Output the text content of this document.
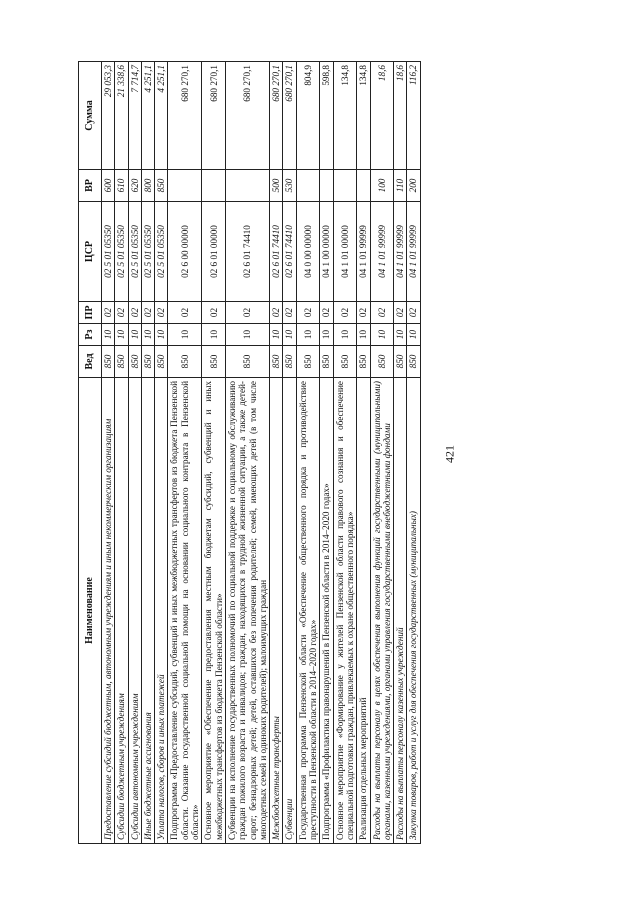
421
Наименование	Вед	Рз	ПР	ЦСР	ВР	Сумма
Предоставление субсидий бюджетным, автономным учреждениям и иным некоммерческим организациям	850	10	02	02 5 01 05350	600	29 053,3
Субсидии бюджетным учреждениям	850	10	02	02 5 01 05350	610	21 338,6
Субсидии автономным учреждениям	850	10	02	02 5 01 05350	620	7 714,7
Иные бюджетные ассигнования	850	10	02	02 5 01 05350	800	4 251,1
Уплата налогов, сборов и иных платежей	850	10	02	02 5 01 05350	850	4 251,1
Подпрограмма «Предоставление субсидий, субвенций и иных межбюджетных трансфертов из бюджета Пензенской области. Оказание государственной социальной помощи на основании социального контракта в Пензенской области»	850	10	02	02 6 00 00000		680 270,1
Основное мероприятие «Обеспечение предоставления местным бюджетам субсидий, субвенций и иных межбюджетных трансфертов из бюджета Пензенской области»	850	10	02	02 6 01 00000		680 270,1
Субвенции на исполнение государственных полномочий по социальной поддержке и социальному обслуживанию граждан пожилого возраста и инвалидов; граждан, находящихся в трудной жизненной ситуации, а также детей-сирот; безнадзорных детей; детей, оставшихся без попечения родителей; семей, имеющих детей (в том числе многодетных семей и одиноких родителей); малоимущих граждан	850	10	02	02 6 01 74410		680 270,1
Межбюджетные трансферты	850	10	02	02 6 01 74410	500	680 270,1
Субвенции	850	10	02	02 6 01 74410	530	680 270,1
Государственная программа Пензенской области «Обеспечение общественного порядка и противодействие преступности в Пензенской области в 2014–2020 годах»	850	10	02	04 0 00 00000		804,9
Подпрограмма «Профилактика правонарушений в Пензенской области в 2014–2020 годах»	850	10	02	04 1 00 00000		598,8
Основное мероприятие «Формирование у жителей Пензенской области правового сознания и обеспечение специальной подготовки граждан, привлекаемых к охране общественного порядка»	850	10	02	04 1 01 00000		134,8
Реализация отдельных мероприятий	850	10	02	04 1 01 99999		134,8
Расходы на выплаты персоналу в целях обеспечения выполнения функций государственными (муниципальными) органами, казенными учреждениями, органами управления государственными внебюджетными фондами	850	10	02	04 1 01 99999	100	18,6
Расходы на выплаты персоналу казенных учреждений	850	10	02	04 1 01 99999	110	18,6
Закупка товаров, работ и услуг для обеспечения государственных (муниципальных)	850	10	02	04 1 01 99999	200	116,2
